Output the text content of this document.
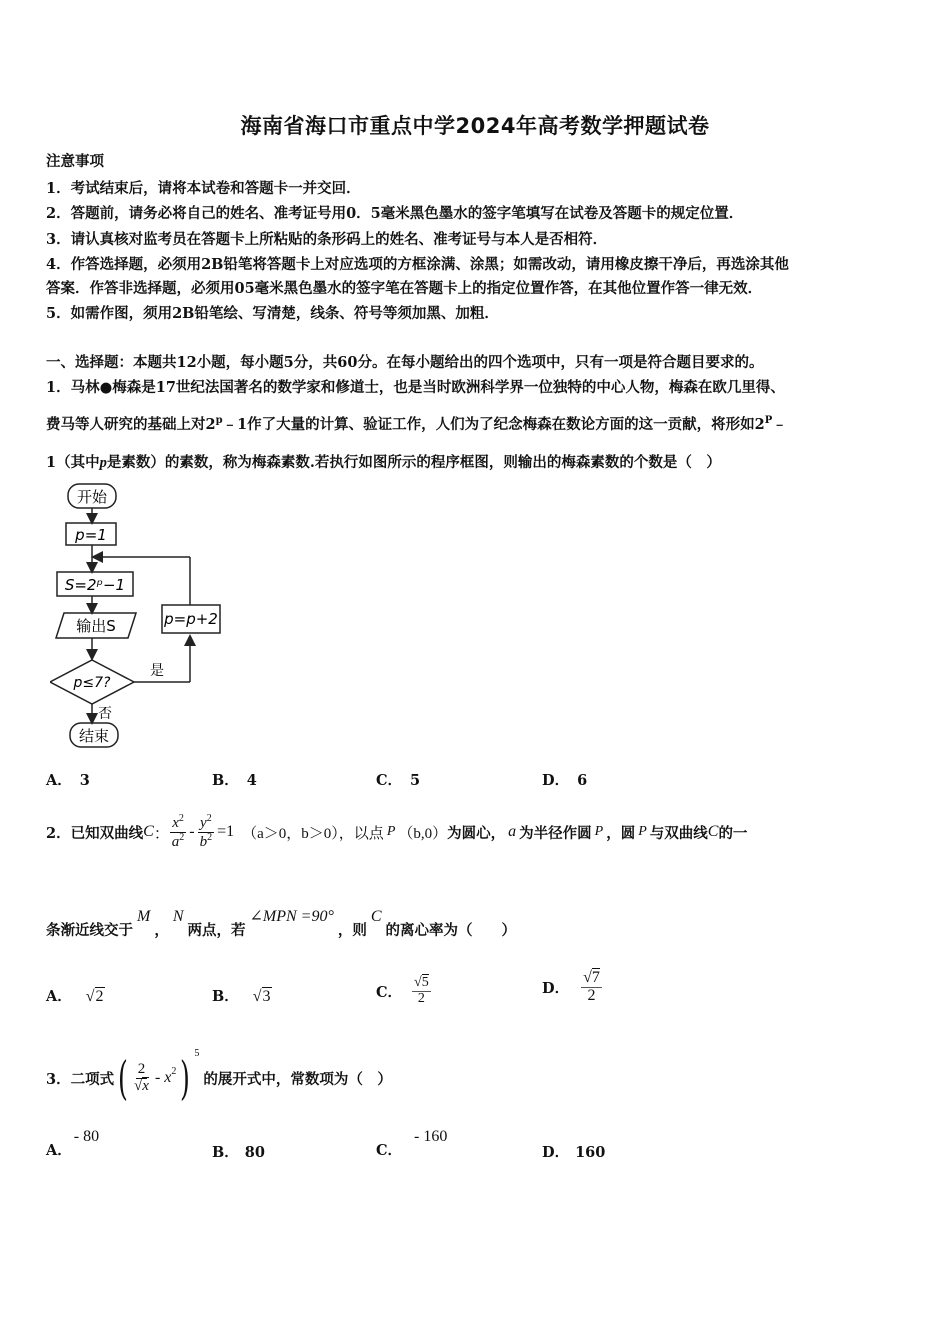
海南省海口市重点中学2024年高考数学押题试卷
注意事项
1．考试结束后，请将本试卷和答题卡一并交回．
2．答题前，请务必将自己的姓名、准考证号用0．5毫米黑色墨水的签字笔填写在试卷及答题卡的规定位置．
3．请认真核对监考员在答题卡上所粘贴的条形码上的姓名、准考证号与本人是否相符．
4．作答选择题，必须用2B铅笔将答题卡上对应选项的方框涂满、涂黑；如需改动，请用橡皮擦干净后，再选涂其他
答案．作答非选择题，必须用05毫米黑色墨水的签字笔在答题卡上的指定位置作答，在其他位置作答一律无效．
5．如需作图，须用2B铅笔绘、写清楚，线条、符号等须加黑、加粗．
一、选择题：本题共12小题，每小题5分，共60分。在每小题给出的四个选项中，只有一项是符合题目要求的。
1．马林●梅森是17世纪法国著名的数学家和修道士，也是当时欧洲科学界一位独特的中心人物，梅森在欧几里得、
费马等人研究的基础上对2$^p$﹣1作了大量的计算、验证工作，人们为了纪念梅森在数论方面的这一贡献，将形如$2^P﹣$
1（其中p是素数）的素数，称为梅森素数.若执行如图所示的程序框图，则输出的梅森素数的个数是（　）
开始
p=1
S=2ᵖ−1
输出S	p=p+2
p≤7?
是
否
结束
A． 3	B． 4	C． 5	D． 6
2．已知双曲线 C ： $\frac{x^2}{a^2} - \frac{y^2}{b^2} =1$ （a＞0，b＞0），以点 P （b,0） 为圆心， a 为半径作圆 P ，圆 P 与双曲线 C 的一
条渐近线交于
M
，
N
两点，若
∠MPN =90°
，则
C
的离心率为（　　）
A． √2	B． √3	C． $\frac{√5}{2}$	D． $\frac{√7}{2}$
3．二项式 ( $\frac{2}{√x} - x^2$ ) $^5$
的展开式中，常数项为（　）
A．
- 80
B． 80	C．
- 160
D． 160
